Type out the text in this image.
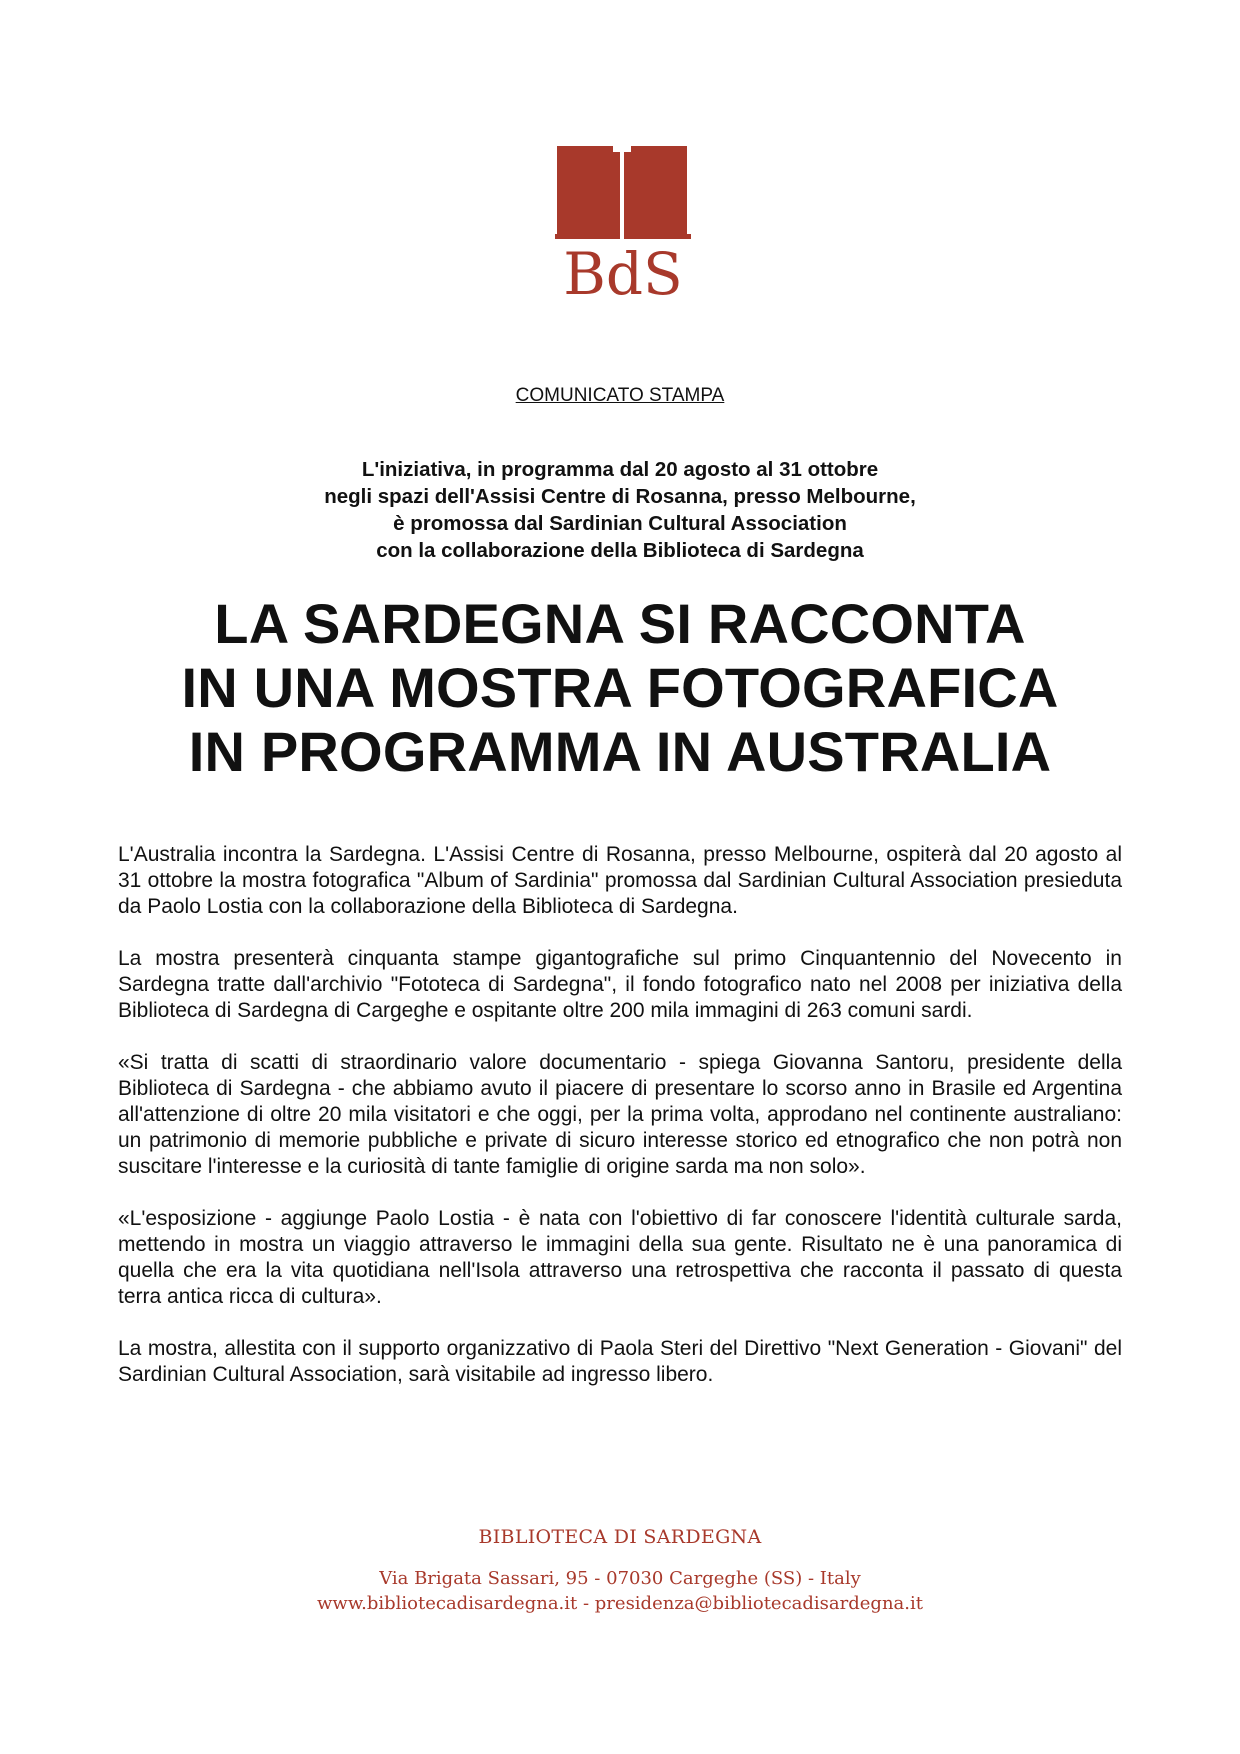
BdS
COMUNICATO STAMPA
L'iniziativa, in programma dal 20 agosto al 31 ottobre
negli spazi dell'Assisi Centre di Rosanna, presso Melbourne,
è promossa dal Sardinian Cultural Association
con la collaborazione della Biblioteca di Sardegna
LA SARDEGNA SI RACCONTA
IN UNA MOSTRA FOTOGRAFICA
IN PROGRAMMA IN AUSTRALIA

L'Australia incontra la Sardegna. L'Assisi Centre di Rosanna, presso Melbourne, ospiterà dal 20 agosto al 31 ottobre la mostra fotografica "Album of Sardinia" promossa dal Sardinian Cultural Association presieduta da Paolo Lostia con la collaborazione della Biblioteca di Sardegna.

La mostra presenterà cinquanta stampe gigantografiche sul primo Cinquantennio del Novecento in Sardegna tratte dall'archivio "Fototeca di Sardegna", il fondo fotografico nato nel 2008 per iniziativa della Biblioteca di Sardegna di Cargeghe e ospitante oltre 200 mila immagini di 263 comuni sardi.

«Si tratta di scatti di straordinario valore documentario - spiega Giovanna Santoru, presidente della Biblioteca di Sardegna - che abbiamo avuto il piacere di presentare lo scorso anno in Brasile ed Argentina all'attenzione di oltre 20 mila visitatori e che oggi, per la prima volta, approdano nel continente australiano: un patrimonio di memorie pubbliche e private di sicuro interesse storico ed etnografico che non potrà non suscitare l'interesse e la curiosità di tante famiglie di origine sarda ma non solo».

«L'esposizione - aggiunge Paolo Lostia - è nata con l'obiettivo di far conoscere l'identità culturale sarda, mettendo in mostra un viaggio attraverso le immagini della sua gente. Risultato ne è una panoramica di quella che era la vita quotidiana nell'Isola attraverso una retrospettiva che racconta il passato di questa terra antica ricca di cultura».

La mostra, allestita con il supporto organizzativo di Paola Steri del Direttivo "Next Generation - Giovani" del Sardinian Cultural Association, sarà visitabile ad ingresso libero.

BIBLIOTECA DI SARDEGNA
Via Brigata Sassari, 95 - 07030 Cargeghe (SS) - Italy
www.bibliotecadisardegna.it - presidenza@bibliotecadisardegna.it
